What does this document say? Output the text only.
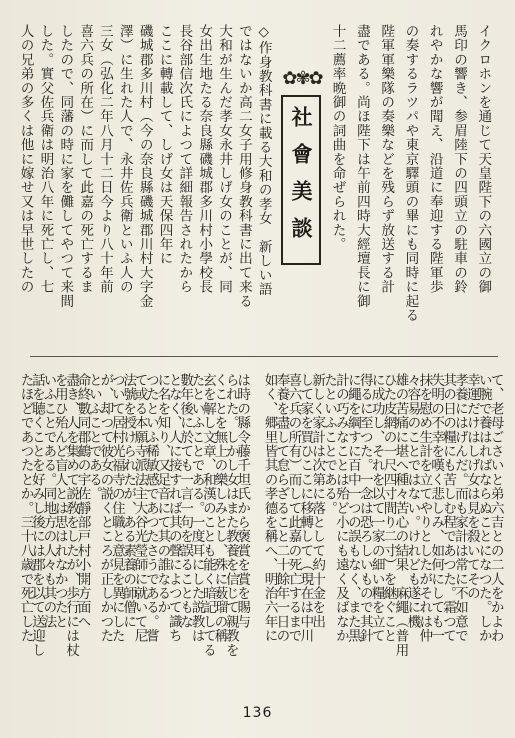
イクロホンを通じて天皇陛下の六國立の御
馬印の響き、参眉陸下の四頭立の駐車の鈴
れやかな響が聞え、沿道に奉迎する陛軍歩
の奏するラツパや東京驛頭の畢にも同時に起る
陛軍軍樂隊の奏樂などを残らず放送する計
盡である。尚ほ陛下は午前四時大經壇長に御
十二薦率晩御の詞曲を命ぜられた。
✿✾✿
社會美談
◇作身教科書に載る大和の孝女　新しい語
ではないか高二女子用修身教科書に出て来る
大和が生んだ孝女永井しげ女のことが、同
女出生地たる奈良縣磯城郡多川村小學校長
長谷部信次氏によつて詳細報告されたから
ここに轉載して、しげ女は天保四年に
磯城郡多川村（今の奈良縣磯城郡川村大字金
澤）に生れた人で、永井佐兵衛といふ人の
三女（弘化二年八月十二日今より八十年前
喜六兵の所在）に而して此嘉の死亡するま
したので、同藩の時に家を儺してやつて来間
した。實父佐兵衛は明治八年に死亡し、七
人の兄弟の多くは他に嫁せ又は早世したの
て、老母ごさいと弟六吉との二人をかよわ
い腕で養はればならぬことになつた。しか
幸運だけはしげ女は見を殺いてその
孝養にはげんだ。而も家計は常に不如意で
其の日の糧にも苦しむ程であつた。霜つて
失明の不幸を嘆く悲しみ、如何にしても一
抹を慰め生計を立てやりとしたがそれは仲
々容易のことではない。けれども遂に機
雄の苦痛に堪へ種々苦心の結果　麻繩（普用
ひた皮網の一尺四寸間り二寸）を継ぐこと
に成功し、それを以て一家の細い糧を立て
得るに至つた。一念は恐ろしいもので其針
に繩を綱すに百中一つの誤もなく、また黒
計の巧みなことは殆ど小にも遠く及ばなか
たといふことである。
新しく家計は次第に落として約十金を出
して家を買ひここに移轉して（現在は中川
喜六兵の所有）而して此嘉の死亡するまで
奉養を盡して怠らざること二十餘年一日の
如く、郷里皆其の孝德を稱へ、明治六年に
は時の縣令藤千坦氏から褒賞を賞を賜与
られた。しかし女はまた教養を信じて親教を
くことを無上の樂しみとし、殊に薮瑠の稱
玄を解し文章、和漢のことも能く暗記してる
たといふことである。一度耳にした説教は
數年後に於ても一言一句を誤ることもな
となく、人に接すれば其の聲によつて識ち
に名を知り、又足音にて其の誰なるか
つたといふ稀敏感であつたさうである。嘗
て或る本願寺派法主大谷光瑩師に就いて尼
法號を授けられたが、ある素養の師僧に
ついて居村光福寺の住職と意見を異にした
が、却つて彼女の説くところが正しかつた
といふことである。
命終數同郡鶴の宇佐靜部戸村小開方面へ
盡き、人を集めて説敎をしたが、歩行には杖
を用ひ殆んど盲人とは思はれなかつたと
いふことである。同地方の人々も其の法
話を聴くことを好みし後には郡を以て送迎し
たほどであつたとか。三十八歳で死亡した
136
